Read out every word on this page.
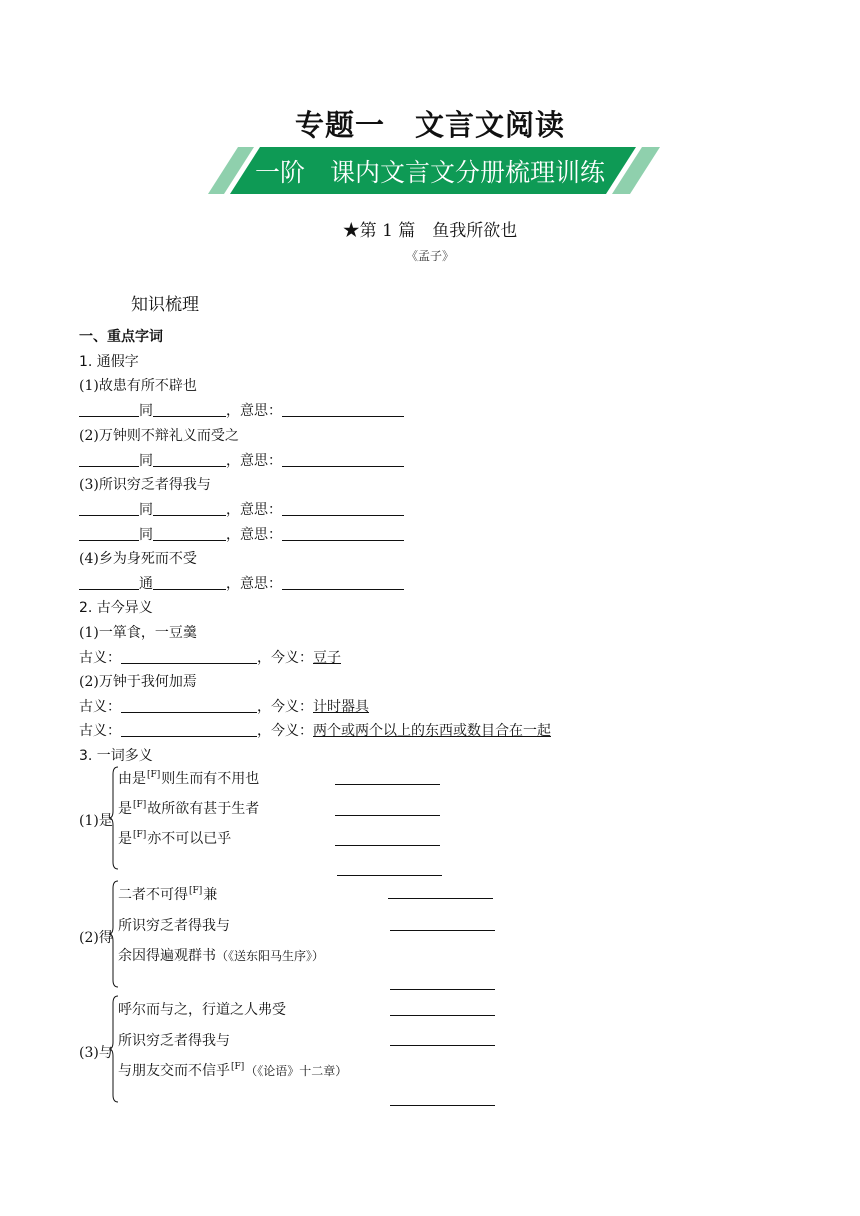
专题一　文言文阅读
一阶　课内文言文分册梳理训练
★第 1 篇　鱼我所欲也
《孟子》
知识梳理
一、重点字词
1. 通假字
(1)故患有所不辟也
同	，意思：
(2)万钟则不辩礼义而受之
同	，意思：
(3)所识穷乏者得我与
同	，意思：
同	，意思：
(4)乡为身死而不受
通	，意思：
2. 古今异义
(1)一箪食，一豆羹
古义：	，今义：豆子
(2)万钟于我何加焉
古义：	，今义：计时器具
古义：	，今义：两个或两个以上的东西或数目合在一起
3. 一词多义
(1)是
由是[F]则生而有不用也
是[F]故所欲有甚于生者
是[F]亦不可以已乎
(2)得
二者不可得[F]兼
所识穷乏者得我与
余因得遍观群书（《送东阳马生序》）
(3)与
呼尔而与之，行道之人弗受
所识穷乏者得我与
与朋友交而不信乎[F]（《论语》十二章）
